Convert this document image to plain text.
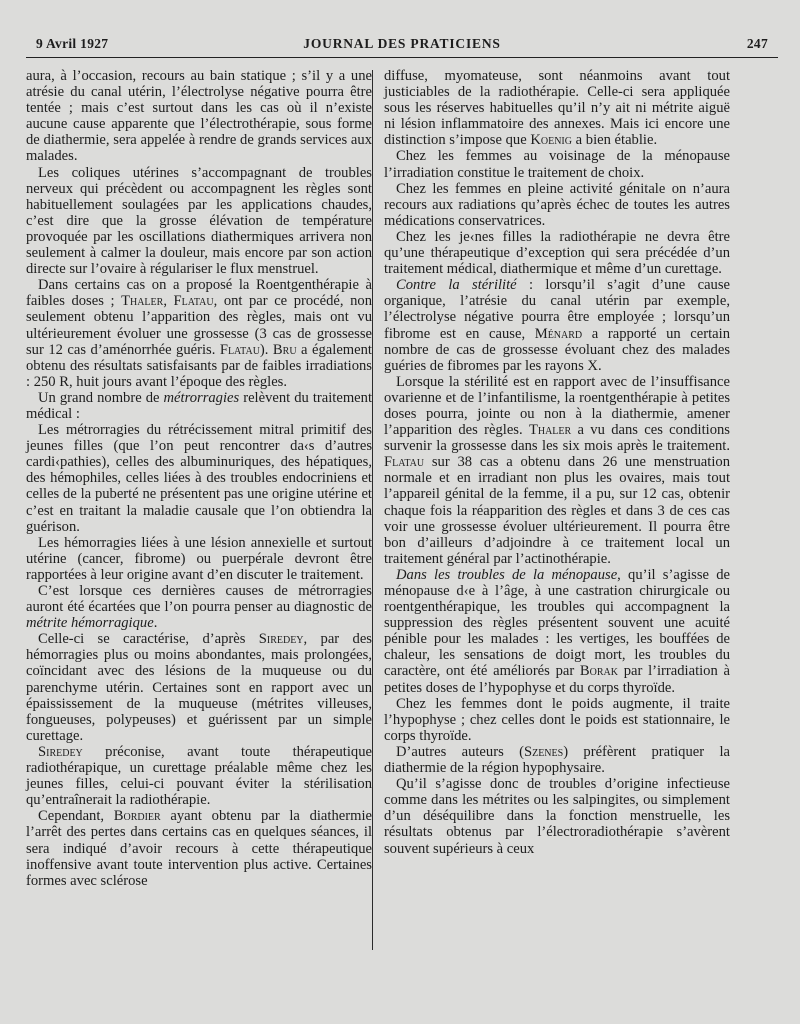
9 Avril 1927	JOURNAL DES PRATICIENS	247

aura, à l’occasion, recours au bain statique ; s’il y a une atrésie du canal utérin, l’électrolyse négative pourra être tentée ; mais c’est surtout dans les cas où il n’existe aucune cause apparente que l’électrothérapie, sous forme de diathermie, sera appelée à rendre de grands services aux malades.

Les coliques utérines s’accompagnant de troubles nerveux qui précèdent ou accompagnent les règles sont habituellement soulagées par les applications chaudes, c’est dire que la grosse élévation de température provoquée par les oscillations diathermiques arrivera non seulement à calmer la douleur, mais encore par son action directe sur l’ovaire à régulariser le flux menstruel.

Dans certains cas on a proposé la Roentgenthérapie à faibles doses ; Thaler, Flatau, ont par ce procédé, non seulement obtenu l’apparition des règles, mais ont vu ultérieurement évoluer une grossesse (3 cas de grossesse sur 12 cas d’aménorrhée guéris. Flatau). Bru a également obtenu des résultats satisfaisants par de faibles irradiations : 250 R, huit jours avant l’époque des règles.

Un grand nombre de métrorragies relèvent du traitement médical :

Les métrorragies du rétrécissement mitral primitif des jeunes filles (que l’on peut rencontrer da‹s d’autres cardi‹pathies), celles des albuminuriques, des hépatiques, des hémophiles, celles liées à des troubles endocriniens et celles de la puberté ne présentent pas une origine utérine et c’est en traitant la maladie causale que l’on obtiendra la guérison.

Les hémorragies liées à une lésion annexielle et surtout utérine (cancer, fibrome) ou puerpérale devront être rapportées à leur origine avant d’en discuter le traitement.

C’est lorsque ces dernières causes de métrorragies auront été écartées que l’on pourra penser au diagnostic de métrite hémorragique.

Celle-ci se caractérise, d’après Siredey, par des hémorragies plus ou moins abondantes, mais prolongées, coïncidant avec des lésions de la muqueuse ou du parenchyme utérin. Certaines sont en rapport avec un épaississement de la muqueuse (métrites villeuses, fongueuses, polypeuses) et guérissent par un simple curettage.

Siredey préconise, avant toute thérapeutique radiothérapique, un curettage préalable même chez les jeunes filles, celui-ci pouvant éviter la stérilisation qu’entraînerait la radiothérapie.

Cependant, Bordier ayant obtenu par la diathermie l’arrêt des pertes dans certains cas en quelques séances, il sera indiqué d’avoir recours à cette thérapeutique inoffensive avant toute intervention plus active. Certaines formes avec sclérose

diffuse, myomateuse, sont néanmoins avant tout justiciables de la radiothérapie. Celle-ci sera appliquée sous les réserves habituelles qu’il n’y ait ni métrite aiguë ni lésion inflammatoire des annexes. Mais ici encore une distinction s’impose que Koenig a bien établie.

Chez les femmes au voisinage de la ménopause l’irradiation constitue le traitement de choix.

Chez les femmes en pleine activité génitale on n’aura recours aux radiations qu’après échec de toutes les autres médications conservatrices.

Chez les je‹nes filles la radiothérapie ne devra être qu’une thérapeutique d’exception qui sera précédée d’un traitement médical, diathermique et même d’un curettage.

Contre la stérilité : lorsqu’il s’agit d’une cause organique, l’atrésie du canal utérin par exemple, l’électrolyse négative pourra être employée ; lorsqu’un fibrome est en cause, Ménard a rapporté un certain nombre de cas de grossesse évoluant chez des malades guéries de fibromes par les rayons X.

Lorsque la stérilité est en rapport avec de l’insuffisance ovarienne et de l’infantilisme, la roentgenthérapie à petites doses pourra, jointe ou non à la diathermie, amener l’apparition des règles. Thaler a vu dans ces conditions survenir la grossesse dans les six mois après le traitement. Flatau sur 38 cas a obtenu dans 26 une menstruation normale et en irradiant non plus les ovaires, mais tout l’appareil génital de la femme, il a pu, sur 12 cas, obtenir chaque fois la réapparition des règles et dans 3 de ces cas voir une grossesse évoluer ultérieurement. Il pourra être bon d’ailleurs d’adjoindre à ce traitement local un traitement général par l’actinothérapie.

Dans les troubles de la ménopause, qu’il s’agisse de ménopause d‹e à l’âge, à une castration chirurgicale ou roentgenthérapique, les troubles qui accompagnent la suppression des règles présentent souvent une acuité pénible pour les malades : les vertiges, les bouffées de chaleur, les sensations de doigt mort, les troubles du caractère, ont été améliorés par Borak par l’irradiation à petites doses de l’hypophyse et du corps thyroïde.

Chez les femmes dont le poids augmente, il traite l’hypophyse ; chez celles dont le poids est stationnaire, le corps thyroïde.

D’autres auteurs (Szenes) préfèrent pratiquer la diathermie de la région hypophysaire.

Qu’il s’agisse donc de troubles d’origine infectieuse comme dans les métrites ou les salpingites, ou simplement d’un déséquilibre dans la fonction menstruelle, les résultats obtenus par l’électroradiothérapie s’avèrent souvent supérieurs à ceux
